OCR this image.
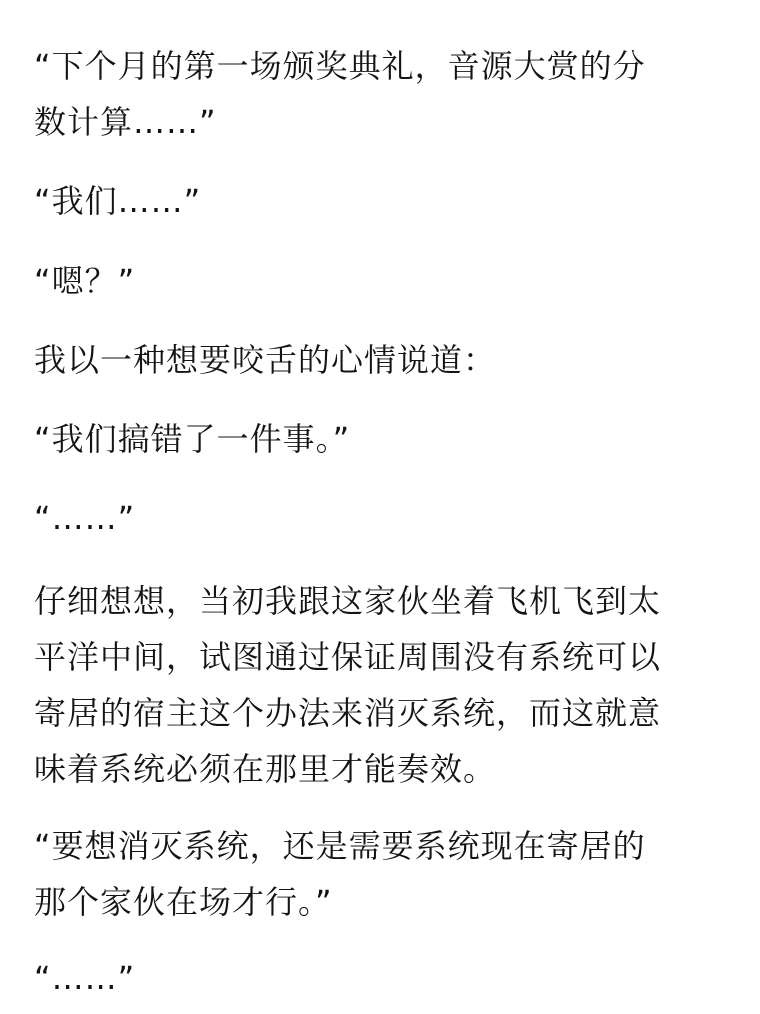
“下个月的第一场颁奖典礼，音源大赏的分
数计算……”

“我们……”

“嗯？”

我以一种想要咬舌的心情说道：

“我们搞错了一件事。”

“……”

仔细想想，当初我跟这家伙坐着飞机飞到太
平洋中间，试图通过保证周围没有系统可以
寄居的宿主这个办法来消灭系统，而这就意
味着系统必须在那里才能奏效。

“要想消灭系统，还是需要系统现在寄居的
那个家伙在场才行。”

“……”
